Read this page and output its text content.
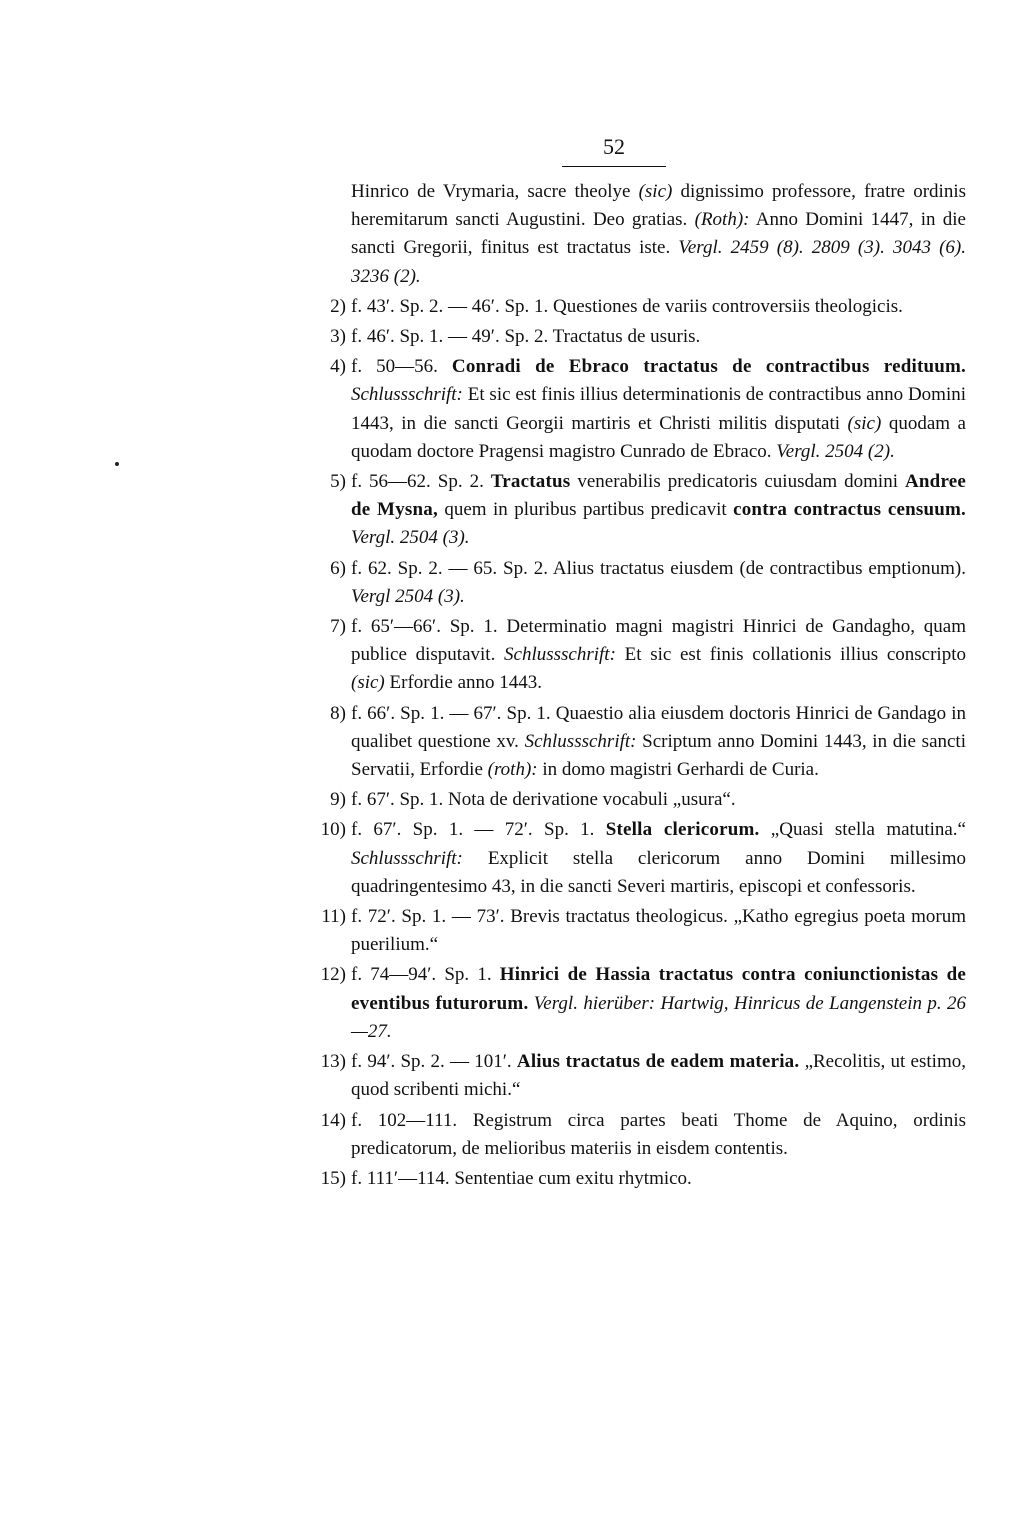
52

Hinrico de Vrymaria, sacre theolye (sic) dignissimo professore, fratre ordinis heremitarum sancti Augustini. Deo gratias. (Roth): Anno Domini 1447, in die sancti Gregorii, finitus est tractatus iste. Vergl. 2459 (8). 2809 (3). 3043 (6). 3236 (2).

2) f. 43′. Sp. 2. — 46′. Sp. 1. Questiones de variis controversiis theologicis.
3) f. 46′. Sp. 1. — 49′. Sp. 2. Tractatus de usuris.
4) f. 50—56. Conradi de Ebraco tractatus de contractibus redituum. Schlussschrift: Et sic est finis illius determinationis de contractibus anno Domini 1443, in die sancti Georgii martiris et Christi militis disputati (sic) quodam a quodam doctore Pragensi magistro Cunrado de Ebraco. Vergl. 2504 (2).
5) f. 56—62. Sp. 2. Tractatus venerabilis predicatoris cuiusdam domini Andree de Mysna, quem in pluribus partibus predicavit contra contractus censuum. Vergl. 2504 (3).
6) f. 62. Sp. 2. — 65. Sp. 2. Alius tractatus eiusdem (de contractibus emptionum). Vergl 2504 (3).
7) f. 65′—66′. Sp. 1. Determinatio magni magistri Hinrici de Gandagho, quam publice disputavit. Schlussschrift: Et sic est finis collationis illius conscripto (sic) Erfordie anno 1443.
8) f. 66′. Sp. 1. — 67′. Sp. 1. Quaestio alia eiusdem doctoris Hinrici de Gandago in qualibet questione xv. Schlussschrift: Scriptum anno Domini 1443, in die sancti Servatii, Erfordie (roth): in domo magistri Gerhardi de Curia.
9) f. 67′. Sp. 1. Nota de derivatione vocabuli „usura“.
10) f. 67′. Sp. 1. — 72′. Sp. 1. Stella clericorum. „Quasi stella matutina.“ Schlussschrift: Explicit stella clericorum anno Domini millesimo quadringentesimo 43, in die sancti Severi martiris, episcopi et confessoris.
11) f. 72′. Sp. 1. — 73′. Brevis tractatus theologicus. „Katho egregius poeta morum puerilium.“
12) f. 74—94′. Sp. 1. Hinrici de Hassia tractatus contra coniunctionistas de eventibus futurorum. Vergl. hierüber: Hartwig, Hinricus de Langenstein p. 26—27.
13) f. 94′. Sp. 2. — 101′. Alius tractatus de eadem materia. „Recolitis, ut estimo, quod scribenti michi.“
14) f. 102—111. Registrum circa partes beati Thome de Aquino, ordinis predicatorum, de melioribus materiis in eisdem contentis.
15) f. 111′—114. Sententiae cum exitu rhytmico.
